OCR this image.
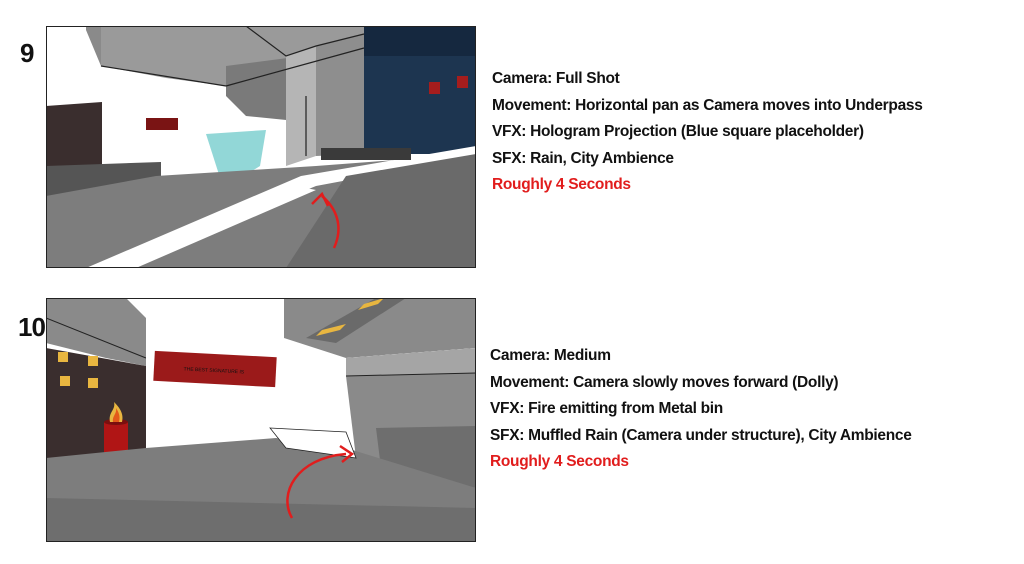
9
Camera: Full Shot
Movement: Horizontal pan as Camera moves into Underpass
VFX: Hologram Projection (Blue square placeholder)
SFX: Rain, City Ambience
Roughly 4 Seconds
10
THE BEST SIGNATURE IS
Camera: Medium
Movement: Camera slowly moves forward (Dolly)
VFX: Fire emitting from Metal bin
SFX: Muffled Rain (Camera under structure), City Ambience
Roughly 4 Seconds
